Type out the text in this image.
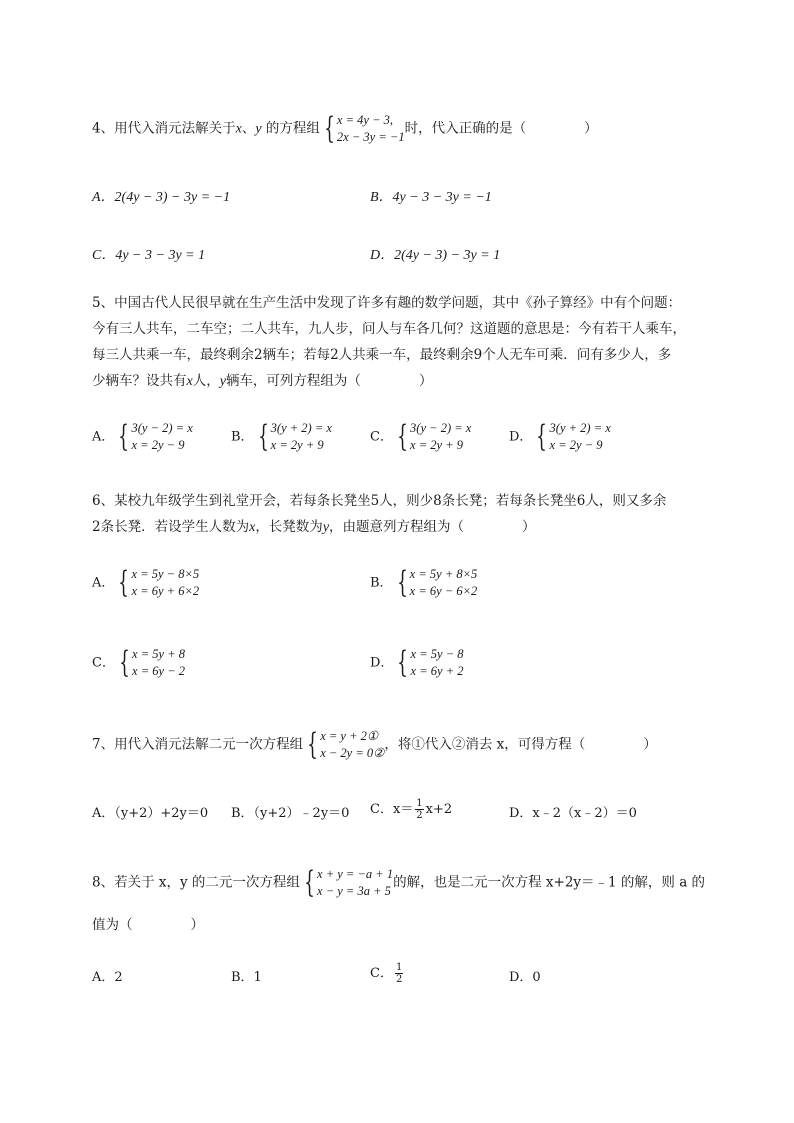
4、用代入消元法解关于x、y 的方程组 { x = 4y − 3,
2x − 3y = −1
时，代入正确的是（	）
A．2(4y − 3) − 3y = −1	B．4y − 3 − 3y = −1
C．4y − 3 − 3y = 1	D．2(4y − 3) − 3y = 1
5、中国古代人民很早就在生产生活中发现了许多有趣的数学问题，其中《孙子算经》中有个问题：
今有三人共车，二车空；二人共车，九人步，问人与车各几何？这道题的意思是：今有若干人乘车，
每三人共乘一车，最终剩余2辆车；若每2人共乘一车，最终剩余9个人无车可乘．问有多少人，多
少辆车？设共有x人，y辆车，可列方程组为（	）
A． { 3(y − 2) = x
x = 2y − 9
B． { 3(y + 2) = x
x = 2y + 9
C． { 3(y − 2) = x
x = 2y + 9
D． { 3(y + 2) = x
x = 2y − 9
6、某校九年级学生到礼堂开会，若每条长凳坐5人，则少8条长凳；若每条长凳坐6人，则又多余
2条长凳．若设学生人数为x，长凳数为y，由题意列方程组为（	）
A． { x = 5y − 8×5
x = 6y + 6×2
B． { x = 5y + 8×5
x = 6y − 6×2
C． { x = 5y + 8
x = 6y − 2
D． { x = 5y − 8
x = 6y + 2
7、用代入消元法解二元一次方程组 { x = y + 2①
x − 2y = 0②
，将①代入②消去 x，可得方程（	）
A．（y+2）+2y＝0 B．（y+2）﹣2y＝0 C．$x= \frac{1}{2} x+2$	D．x﹣2（x﹣2）＝0
8、若关于 x，y 的二元一次方程组 { x + y = −a + 1
x − y = 3a + 5
的解，也是二元一次方程 x+2y＝﹣1 的解，则 a 的
值为（	）
A．2	B．1	C． $\frac{1}{2}$	D．0
